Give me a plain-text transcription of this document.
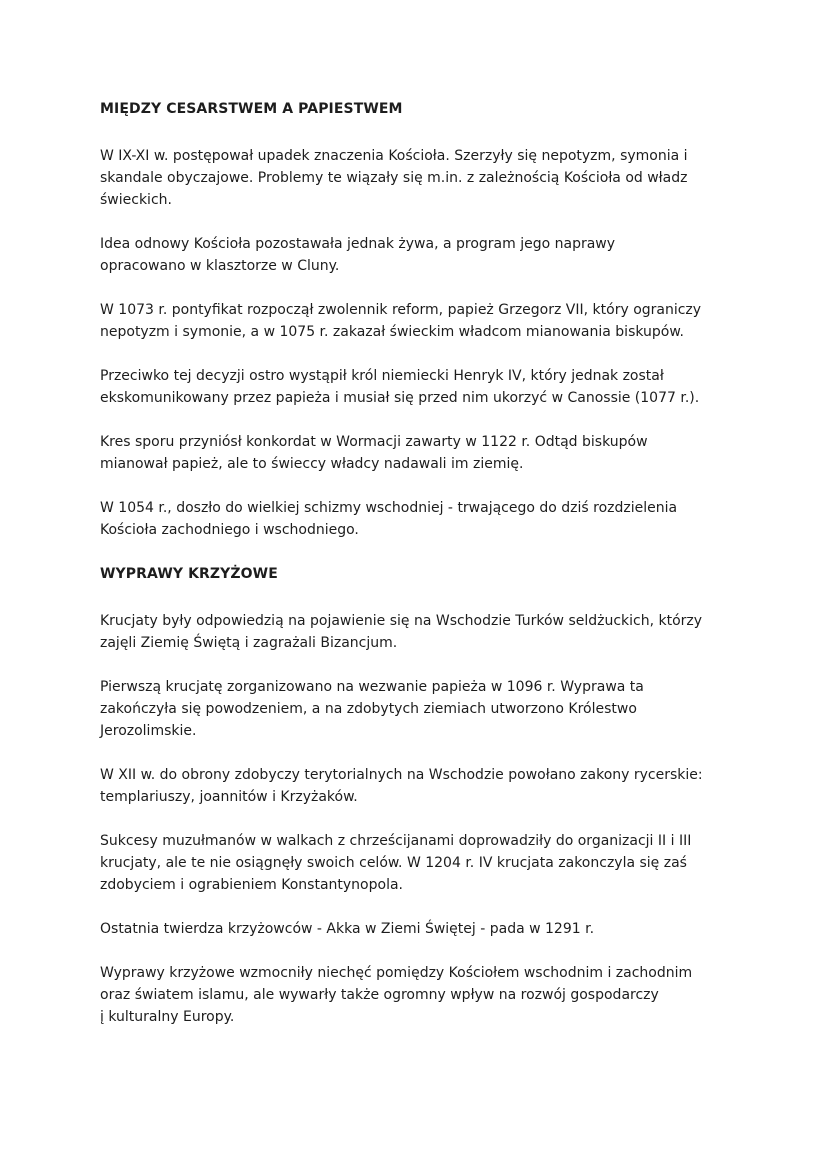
MIĘDZY CESARSTWEM A PAPIESTWEM

W IX-XI w. postępował upadek znaczenia Kościoła. Szerzyły się nepotyzm, symonia i
skandale obyczajowe. Problemy te wiązały się m.in. z zależnością Kościoła od władz
świeckich.

Idea odnowy Kościoła pozostawała jednak żywa, a program jego naprawy
opracowano w klasztorze w Cluny.

W 1073 r. pontyfikat rozpoczął zwolennik reform, papież Grzegorz VII, który ograniczy
nepotyzm i symonie, a w 1075 r. zakazał świeckim władcom mianowania biskupów.

Przeciwko tej decyzji ostro wystąpił król niemiecki Henryk IV, który jednak został
ekskomunikowany przez papieża i musiał się przed nim ukorzyć w Canossie (1077 r.).

Kres sporu przyniósł konkordat w Wormacji zawarty w 1122 r. Odtąd biskupów
mianował papież, ale to świeccy władcy nadawali im ziemię.

W 1054 r., doszło do wielkiej schizmy wschodniej - trwającego do dziś rozdzielenia
Kościoła zachodniego i wschodniego.

WYPRAWY KRZYŻOWE

Krucjaty były odpowiedzią na pojawienie się na Wschodzie Turków seldżuckich, którzy
zajęli Ziemię Świętą i zagrażali Bizancjum.

Pierwszą krucjatę zorganizowano na wezwanie papieża w 1096 r. Wyprawa ta
zakończyła się powodzeniem, a na zdobytych ziemiach utworzono Królestwo
Jerozolimskie.

W XII w. do obrony zdobyczy terytorialnych na Wschodzie powołano zakony rycerskie:
templariuszy, joannitów i Krzyżaków.

Sukcesy muzułmanów w walkach z chrześcijanami doprowadziły do organizacji II i III
krucjaty, ale te nie osiągnęły swoich celów. W 1204 r. IV krucjata zakonczyla się zaś
zdobyciem i ograbieniem Konstantynopola.

Ostatnia twierdza krzyżowców - Akka w Ziemi Świętej - pada w 1291 r.

Wyprawy krzyżowe wzmocniły niechęć pomiędzy Kościołem wschodnim i zachodnim
oraz światem islamu, ale wywarły także ogromny wpływ na rozwój gospodarczy
į kulturalny Europy.
